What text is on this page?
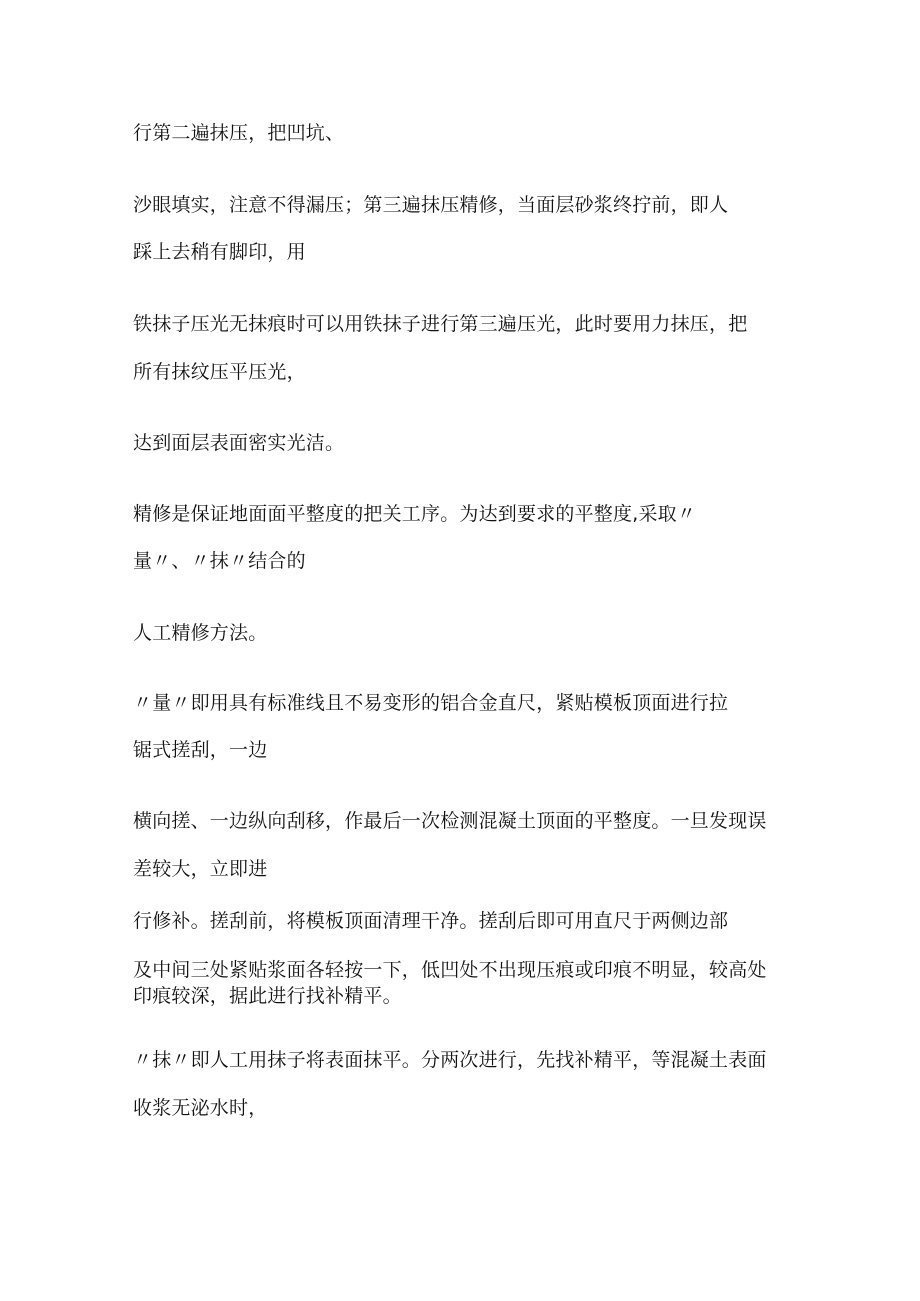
行第二遍抹压，把凹坑、
沙眼填实，注意不得漏压；第三遍抹压精修，当面层砂浆终拧前，即人
踩上去稍有脚印，用
铁抹子压光无抹痕时可以用铁抹子进行第三遍压光，此时要用力抹压，把
所有抹纹压平压光，
达到面层表面密实光洁。
精修是保证地面面平整度的把关工序。为达到要求的平整度,采取〃
量〃、〃抹〃结合的
人工精修方法。
〃量〃即用具有标准线且不易变形的铝合金直尺，紧贴模板顶面进行拉
锯式搓刮，一边
横向搓、一边纵向刮移，作最后一次检测混凝土顶面的平整度。一旦发现误
差较大，立即进
行修补。搓刮前，将模板顶面清理干净。搓刮后即可用直尺于两侧边部
及中间三处紧贴浆面各轻按一下，低凹处不出现压痕或印痕不明显，较高处
印痕较深，据此进行找补精平。
〃抹〃即人工用抹子将表面抹平。分两次进行，先找补精平，等混凝土表面
收浆无泌水时，
